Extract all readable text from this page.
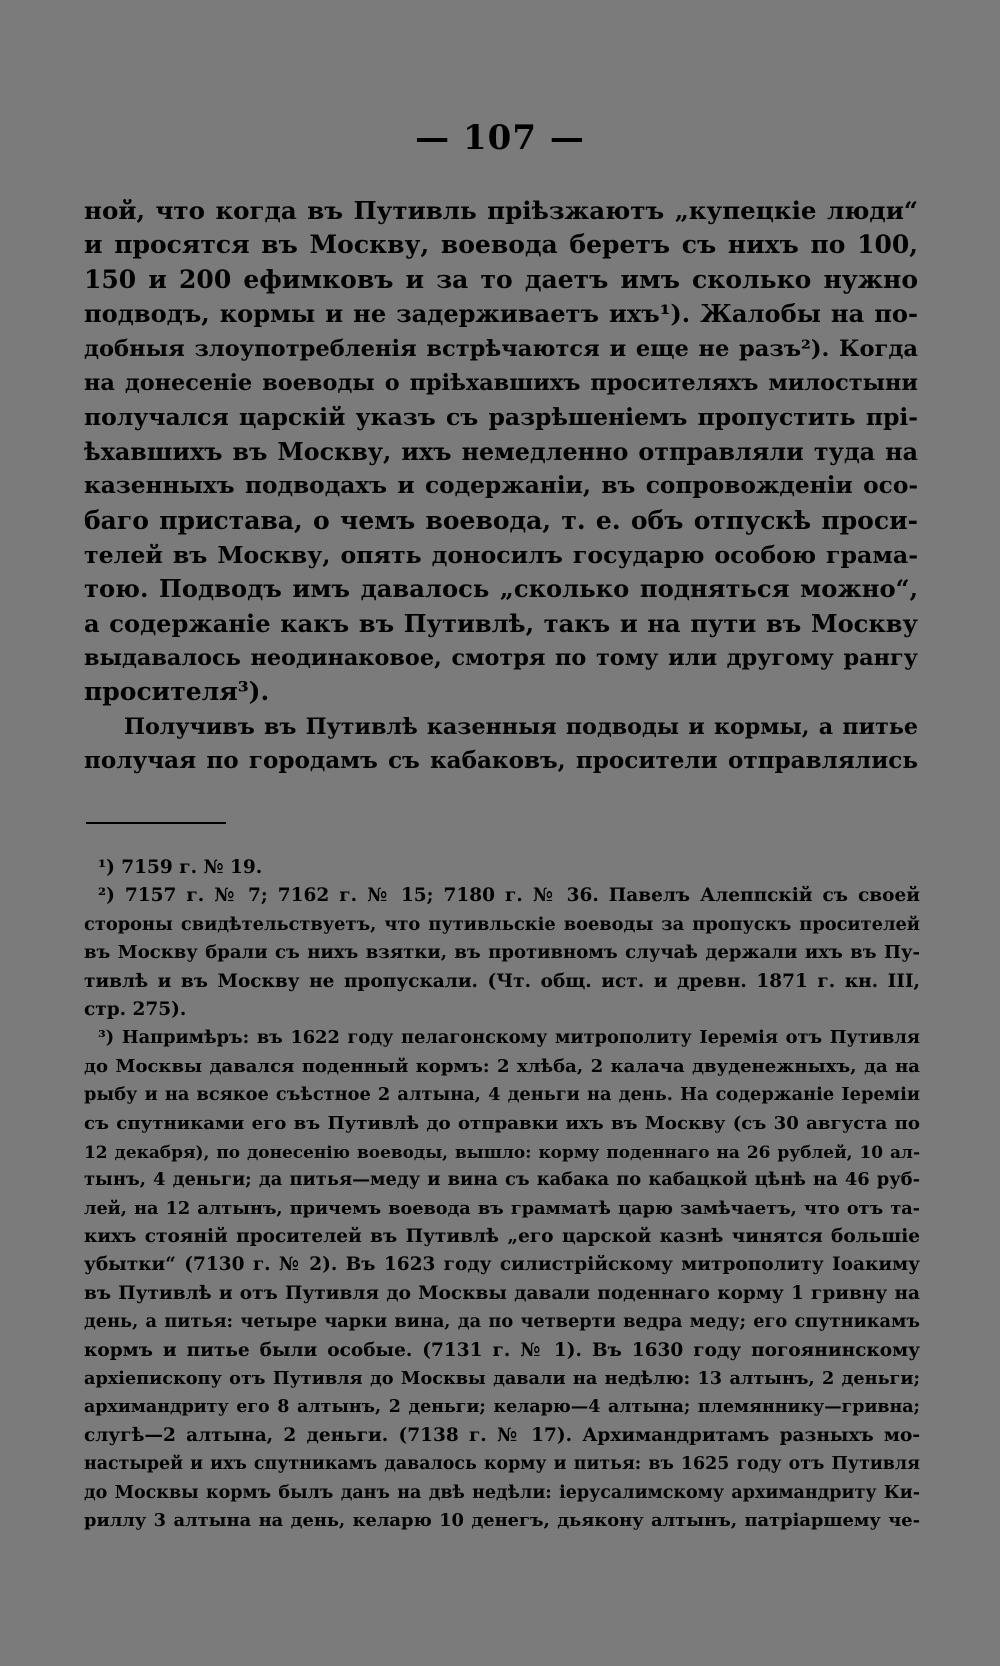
— 107 —
ной, что когда въ Путивль пріѣзжаютъ „купецкіе люди“
и просятся въ Москву, воевода беретъ съ нихъ по 100,
150 и 200 ефимковъ и за то даетъ имъ сколько нужно
подводъ, кормы и не задерживаетъ ихъ¹). Жалобы на по-
добныя злоупотребленія встрѣчаются и еще не разъ²). Когда
на донесеніе воеводы о пріѣхавшихъ просителяхъ милостыни
получался царскій указъ съ разрѣшеніемъ пропустить прі-
ѣхавшихъ въ Москву, ихъ немедленно отправляли туда на
казенныхъ подводахъ и содержаніи, въ сопровожденіи осо-
баго пристава, о чемъ воевода, т. е. объ отпускѣ проси-
телей въ Москву, опять доносилъ государю особою грама-
тою. Подводъ имъ давалось „сколько подняться можно“,
а содержаніе какъ въ Путивлѣ, такъ и на пути въ Москву
выдавалось неодинаковое, смотря по тому или другому рангу
просителя³).
Получивъ въ Путивлѣ казенныя подводы и кормы, а питье
получая по городамъ съ кабаковъ, просители отправлялись
¹) 7159 г. № 19.
²) 7157 г. № 7; 7162 г. № 15; 7180 г. № 36. Павелъ Алеппскій съ своей
стороны свидѣтельствуетъ, что путивльскіе воеводы за пропускъ просителей
въ Москву брали съ нихъ взятки, въ противномъ случаѣ держали ихъ въ Пу-
тивлѣ и въ Москву не пропускали. (Чт. общ. ист. и древн. 1871 г. кн. III,
стр. 275).
³) Напримѣръ: въ 1622 году пелагонскому митрополиту Іеремія отъ Путивля
до Москвы давался поденный кормъ: 2 хлѣба, 2 калача двуденежныхъ, да на
рыбу и на всякое съѣстное 2 алтына, 4 деньги на день. На содержаніе Іереміи
съ спутниками его въ Путивлѣ до отправки ихъ въ Москву (съ 30 августа по
12 декабря), по донесенію воеводы, вышло: корму поденнаго на 26 рублей, 10 ал-
тынъ, 4 деньги; да питья—меду и вина съ кабака по кабацкой цѣнѣ на 46 руб-
лей, на 12 алтынъ, причемъ воевода въ грамматѣ царю замѣчаетъ, что отъ та-
кихъ стояній просителей въ Путивлѣ „его царской казнѣ чинятся большіе
убытки“ (7130 г. № 2). Въ 1623 году силистрійскому митрополиту Іоакиму
въ Путивлѣ и отъ Путивля до Москвы давали поденнаго корму 1 гривну на
день, а питья: четыре чарки вина, да по четверти ведра меду; его спутникамъ
кормъ и питье были особые. (7131 г. № 1). Въ 1630 году погоянинскому
архіепископу отъ Путивля до Москвы давали на недѣлю: 13 алтынъ, 2 деньги;
архимандриту его 8 алтынъ, 2 деньги; келарю—4 алтына; племяннику—гривна;
слугѣ—2 алтына, 2 деньги. (7138 г. № 17). Архимандритамъ разныхъ мо-
настырей и ихъ спутникамъ давалось корму и питья: въ 1625 году отъ Путивля
до Москвы кормъ былъ данъ на двѣ недѣли: іерусалимскому архимандриту Ки-
риллу 3 алтына на день, келарю 10 денегъ, дьякону алтынъ, патріаршему че-
